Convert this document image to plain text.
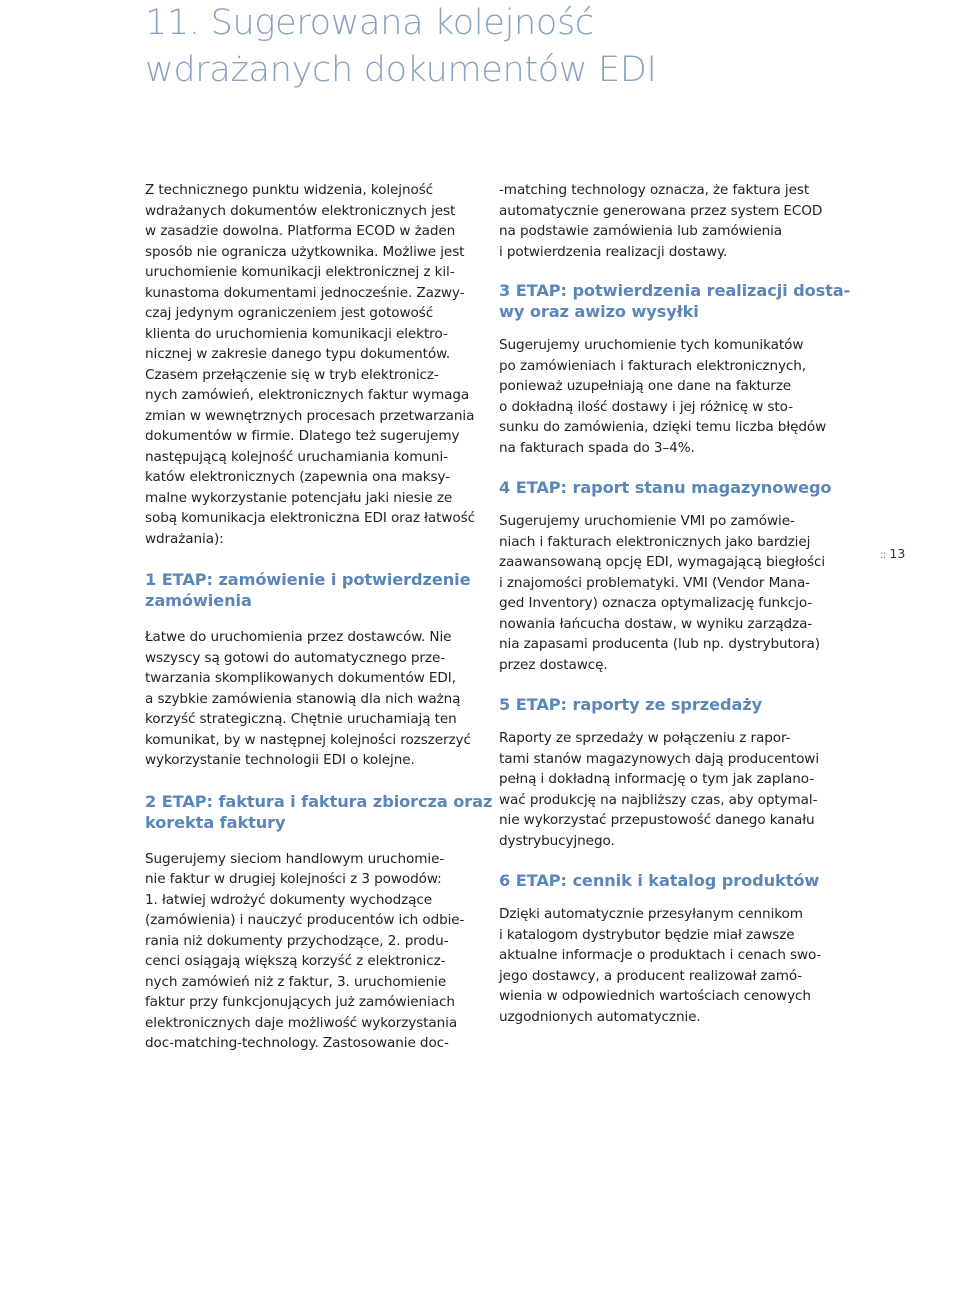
11. Sugerowana kolejność
wdrażanych dokumentów EDI
Z technicznego punktu widzenia, kolejność
wdrażanych dokumentów elektronicznych jest
w zasadzie dowolna. Platforma ECOD w żaden
sposób nie ogranicza użytkownika. Możliwe jest
uruchomienie komunikacji elektronicznej z kil-
kunastoma dokumentami jednocześnie. Zazwy-
czaj jedynym ograniczeniem jest gotowość
klienta do uruchomienia komunikacji elektro-
nicznej w zakresie danego typu dokumentów.
Czasem przełączenie się w tryb elektronicz-
nych zamówień, elektronicznych faktur wymaga
zmian w wewnętrznych procesach przetwarzania
dokumentów w firmie. Dlatego też sugerujemy
następującą kolejność uruchamiania komuni-
katów elektronicznych (zapewnia ona maksy-
malne wykorzystanie potencjału jaki niesie ze
sobą komunikacja elektroniczna EDI oraz łatwość
wdrażania):
1 ETAP: zamówienie i potwierdzenie
zamówienia
Łatwe do uruchomienia przez dostawców. Nie
wszyscy są gotowi do automatycznego prze-
twarzania skomplikowanych dokumentów EDI,
a szybkie zamówienia stanowią dla nich ważną
korzyść strategiczną. Chętnie uruchamiają ten
komunikat, by w następnej kolejności rozszerzyć
wykorzystanie technologii EDI o kolejne.
2 ETAP: faktura i faktura zbiorcza oraz
korekta faktury
Sugerujemy sieciom handlowym uruchomie-
nie faktur w drugiej kolejności z 3 powodów:
1. łatwiej wdrożyć dokumenty wychodzące
(zamówienia) i nauczyć producentów ich odbie-
rania niż dokumenty przychodzące, 2. produ-
cenci osiągają większą korzyść z elektronicz-
nych zamówień niż z faktur, 3. uruchomienie
faktur przy funkcjonujących już zamówieniach
elektronicznych daje możliwość wykorzystania
doc-matching-technology. Zastosowanie doc-
-matching technology oznacza, że faktura jest
automatycznie generowana przez system ECOD
na podstawie zamówienia lub zamówienia
i potwierdzenia realizacji dostawy.
3 ETAP: potwierdzenia realizacji dosta-
wy oraz awizo wysyłki
Sugerujemy uruchomienie tych komunikatów
po zamówieniach i fakturach elektronicznych,
ponieważ uzupełniają one dane na fakturze
o dokładną ilość dostawy i jej różnicę w sto-
sunku do zamówienia, dzięki temu liczba błędów
na fakturach spada do 3–4%.
4 ETAP: raport stanu magazynowego
Sugerujemy uruchomienie VMI po zamówie-
niach i fakturach elektronicznych jako bardziej
zaawansowaną opcję EDI, wymagającą biegłości
i znajomości problematyki. VMI (Vendor Mana-
ged Inventory) oznacza optymalizację funkcjo-
nowania łańcucha dostaw, w wyniku zarządza-
nia zapasami producenta (lub np. dystrybutora)
przez dostawcę.
5 ETAP: raporty ze sprzedaży
Raporty ze sprzedaży w połączeniu z rapor-
tami stanów magazynowych dają producentowi
pełną i dokładną informację o tym jak zaplano-
wać produkcję na najbliższy czas, aby optymal-
nie wykorzystać przepustowość danego kanału
dystrybucyjnego.
6 ETAP: cennik i katalog produktów
Dzięki automatycznie przesyłanym cennikom
i katalogom dystrybutor będzie miał zawsze
aktualne informacje o produktach i cenach swo-
jego dostawcy, a producent realizował zamó-
wienia w odpowiednich wartościach cenowych
uzgodnionych automatycznie.
:: 13
